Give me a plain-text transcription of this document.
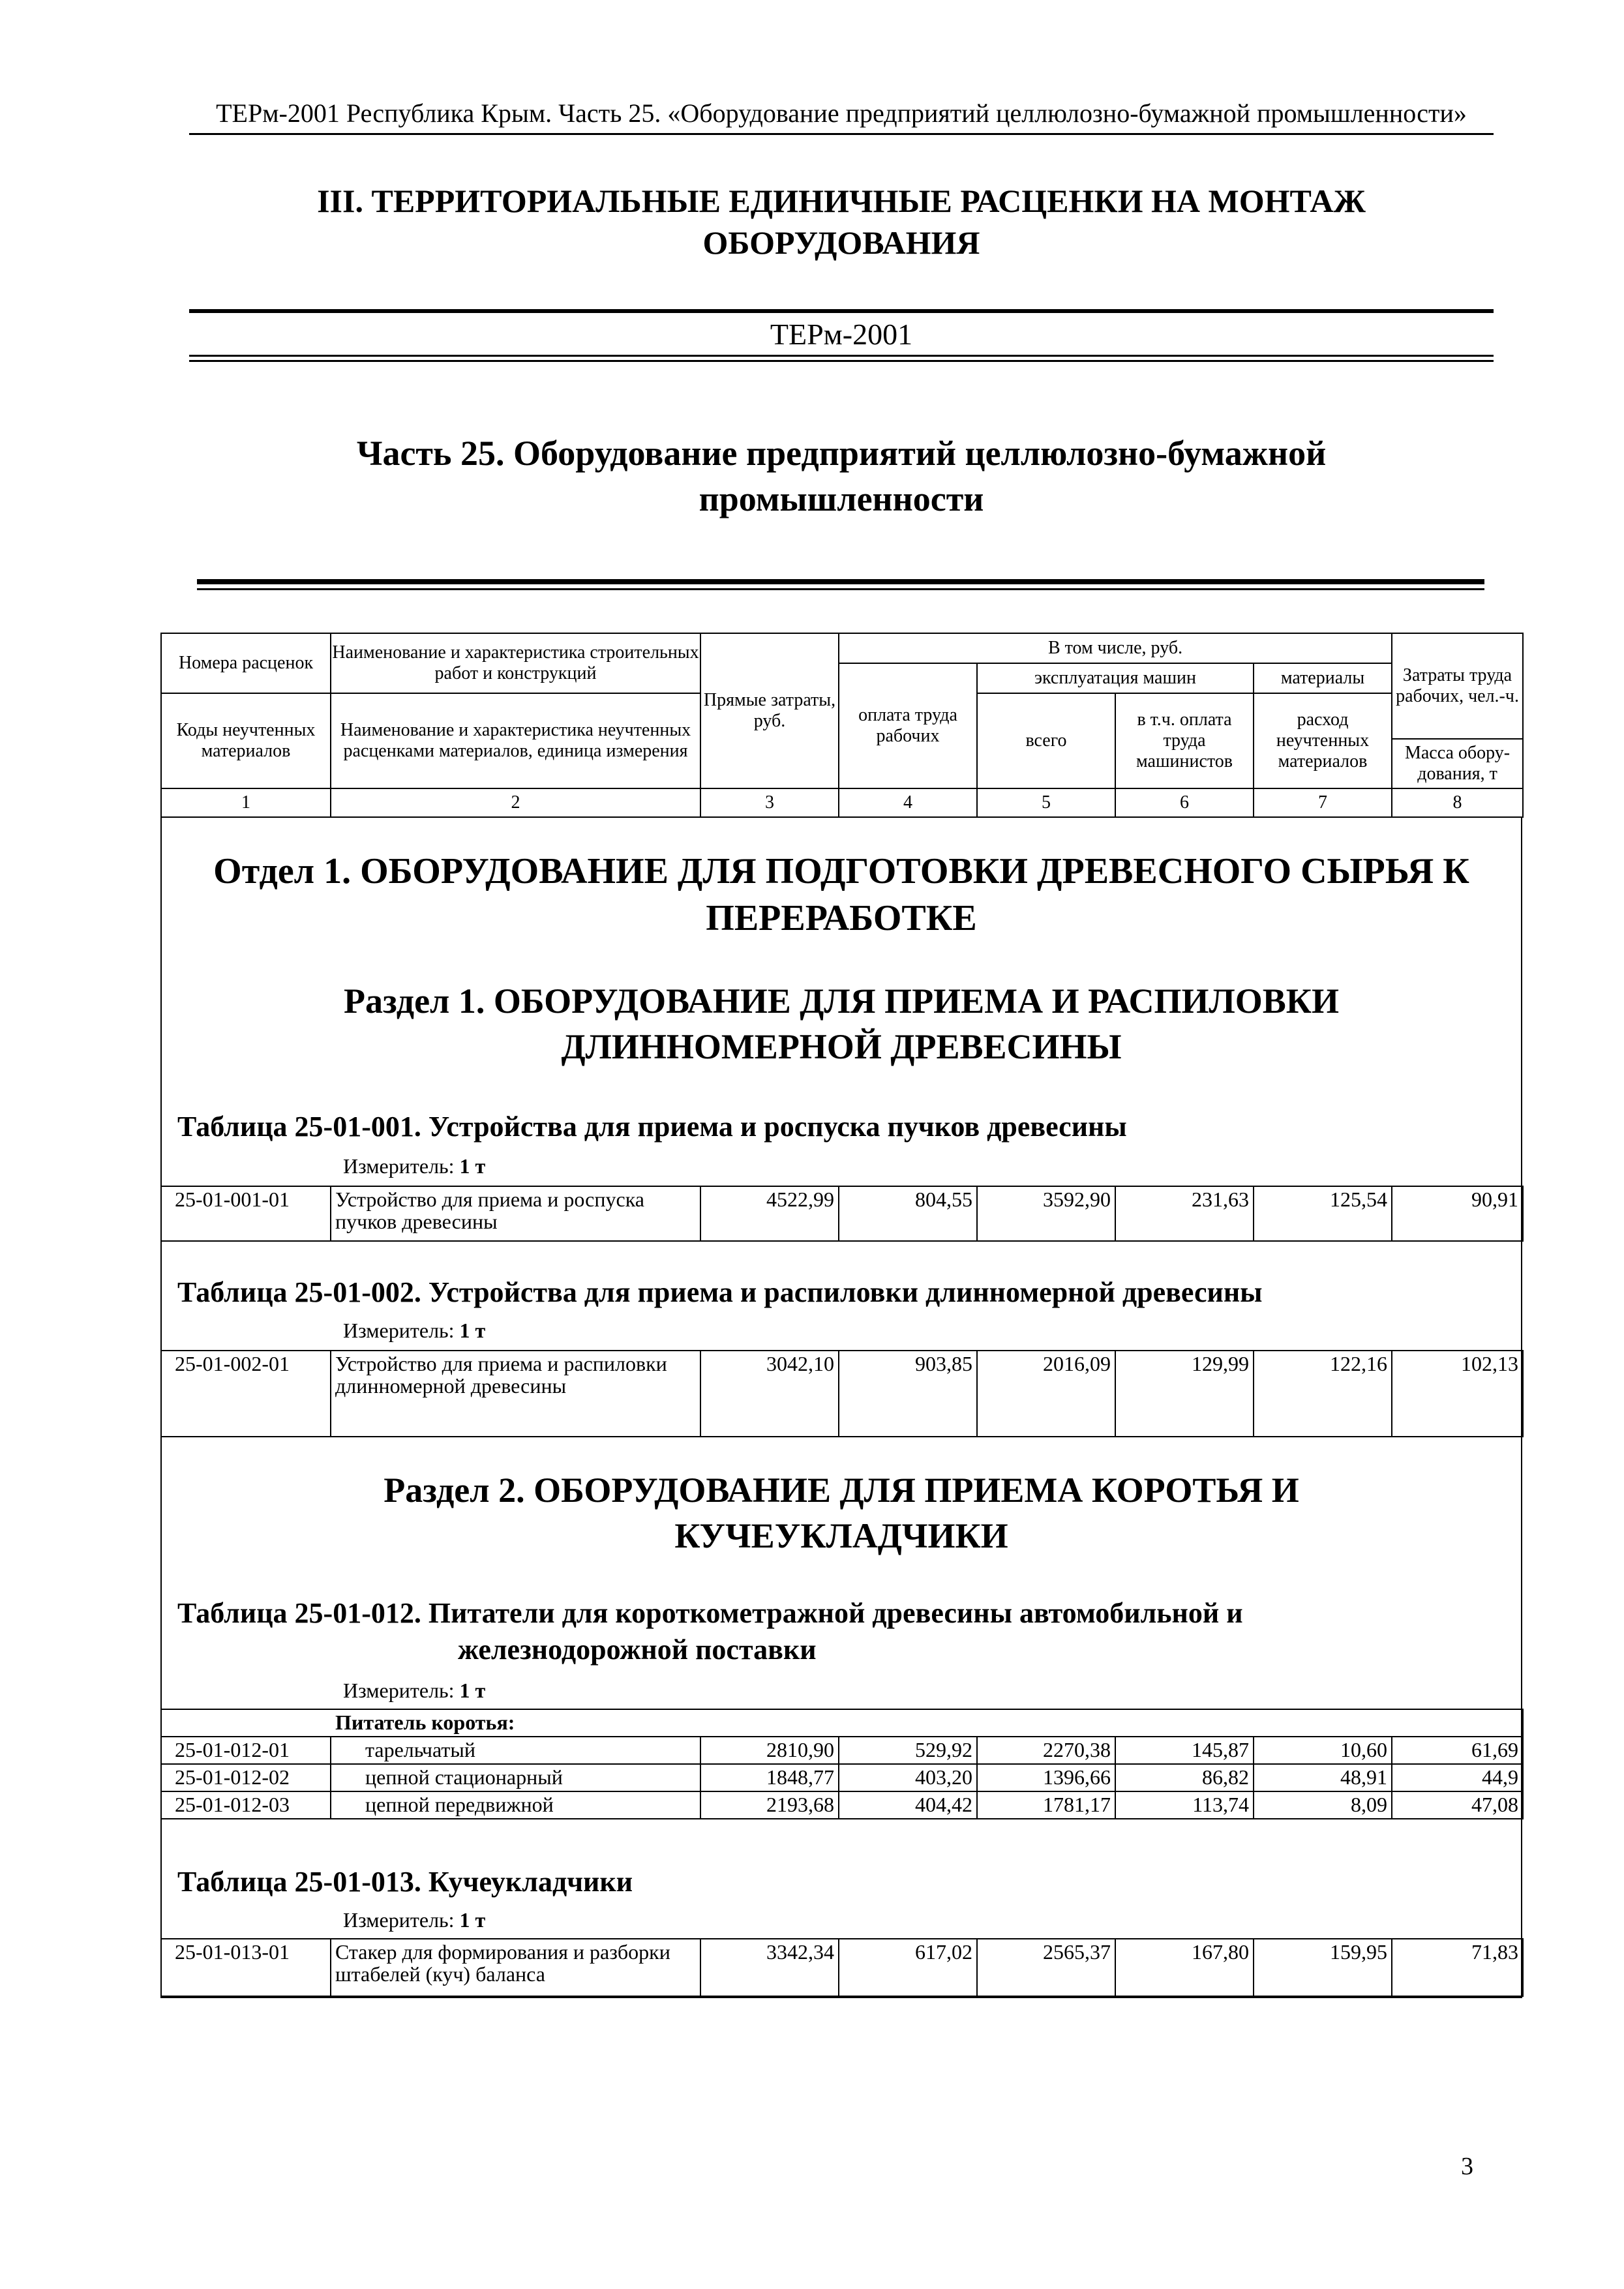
ТЕРм-2001 Республика Крым. Часть 25. «Оборудование предприятий целлюлозно-бумажной промышленности»
III. ТЕРРИТОРИАЛЬНЫЕ ЕДИНИЧНЫЕ РАСЦЕНКИ НА МОНТАЖ
ОБОРУДОВАНИЯ
ТЕРм-2001
Часть 25. Оборудование предприятий целлюлозно-бумажной
промышленности
Номера расценок	Наименование и характеристика строительных работ и конструкций	Прямые затраты, руб.	В том числе, руб.				Затраты труда рабочих, чел.-ч.
			оплата труда рабочих	эксплуатация машин		материалы	
Коды неучтенных материалов	Наименование и характеристика неучтенных расценками материалов, единица измерения			всего	в т.ч. оплата труда машинистов	расход неучтенных материалов	
							Масса обору-дования, т
1	2	3	4	5	6	7	8
Отдел 1. ОБОРУДОВАНИЕ ДЛЯ ПОДГОТОВКИ ДРЕВЕСНОГО СЫРЬЯ К
ПЕРЕРАБОТКЕ
Раздел 1. ОБОРУДОВАНИЕ ДЛЯ ПРИЕМА И РАСПИЛОВКИ
ДЛИННОМЕРНОЙ ДРЕВЕСИНЫ
Таблица 25-01-001. Устройства для приема и роспуска пучков древесины
Измеритель: 1 т
25-01-001-01	Устройство для приема и роспуска пучков древесины	4522,99	804,55	3592,90	231,63	125,54	90,91
Таблица 25-01-002. Устройства для приема и распиловки длинномерной древесины
Измеритель: 1 т
25-01-002-01	Устройство для приема и распиловки длинномерной древесины	3042,10	903,85	2016,09	129,99	122,16	102,13
Раздел 2. ОБОРУДОВАНИЕ ДЛЯ ПРИЕМА КОРОТЬЯ И
КУЧЕУКЛАДЧИКИ
Таблица 25-01-012. Питатели для короткометражной древесины автомобильной и
железнодорожной поставки
Измеритель: 1 т
Питатель коротья:							
25-01-012-01	тарельчатый	2810,90	529,92	2270,38	145,87	10,60	61,69
25-01-012-02	цепной стационарный	1848,77	403,20	1396,66	86,82	48,91	44,9
25-01-012-03	цепной передвижной	2193,68	404,42	1781,17	113,74	8,09	47,08
Таблица 25-01-013. Кучеукладчики
Измеритель: 1 т
25-01-013-01	Стакер для формирования и разборки штабелей (куч) баланса	3342,34	617,02	2565,37	167,80	159,95	71,83
3
